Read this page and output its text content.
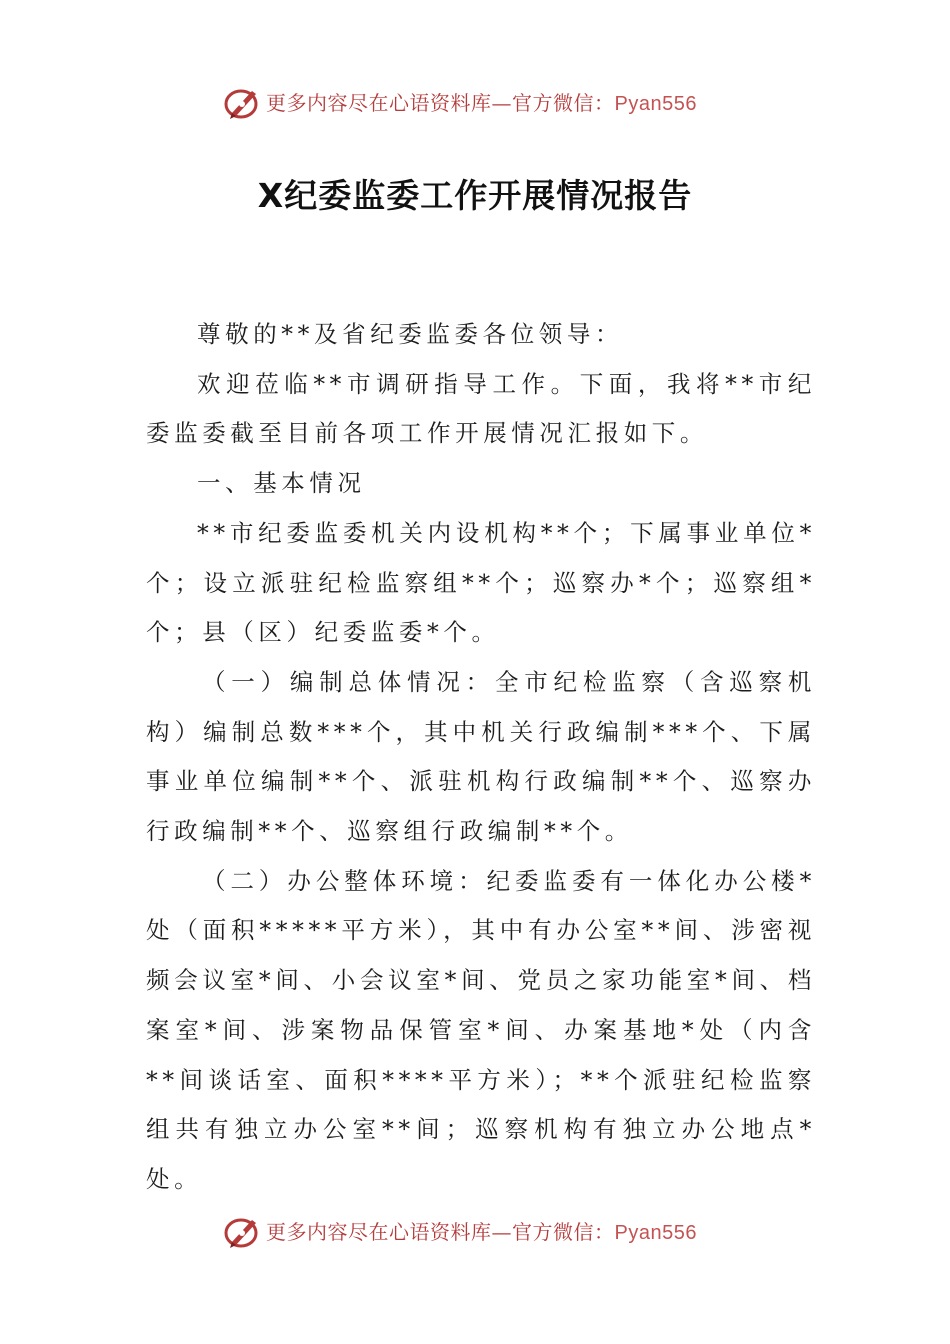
更多内容尽在心语资料库—官方微信：Pyan556
X纪委监委工作开展情况报告

尊敬的**及省纪委监委各位领导：

欢迎莅临**市调研指导工作。下面，我将**市纪委监委截至目前各项工作开展情况汇报如下。

一、基本情况

**市纪委监委机关内设机构**个；下属事业单位*个；设立派驻纪检监察组**个；巡察办*个；巡察组*个；县（区）纪委监委*个。

（一）编制总体情况：全市纪检监察（含巡察机构）编制总数***个，其中机关行政编制***个、下属事业单位编制**个、派驻机构行政编制**个、巡察办行政编制**个、巡察组行政编制**个。

（二）办公整体环境：纪委监委有一体化办公楼*处（面积*****平方米），其中有办公室**间、涉密视频会议室*间、小会议室*间、党员之家功能室*间、档案室*间、涉案物品保管室*间、办案基地*处（内含**间谈话室、面积****平方米）；**个派驻纪检监察组共有独立办公室**间；巡察机构有独立办公地点*处。

更多内容尽在心语资料库—官方微信：Pyan556
